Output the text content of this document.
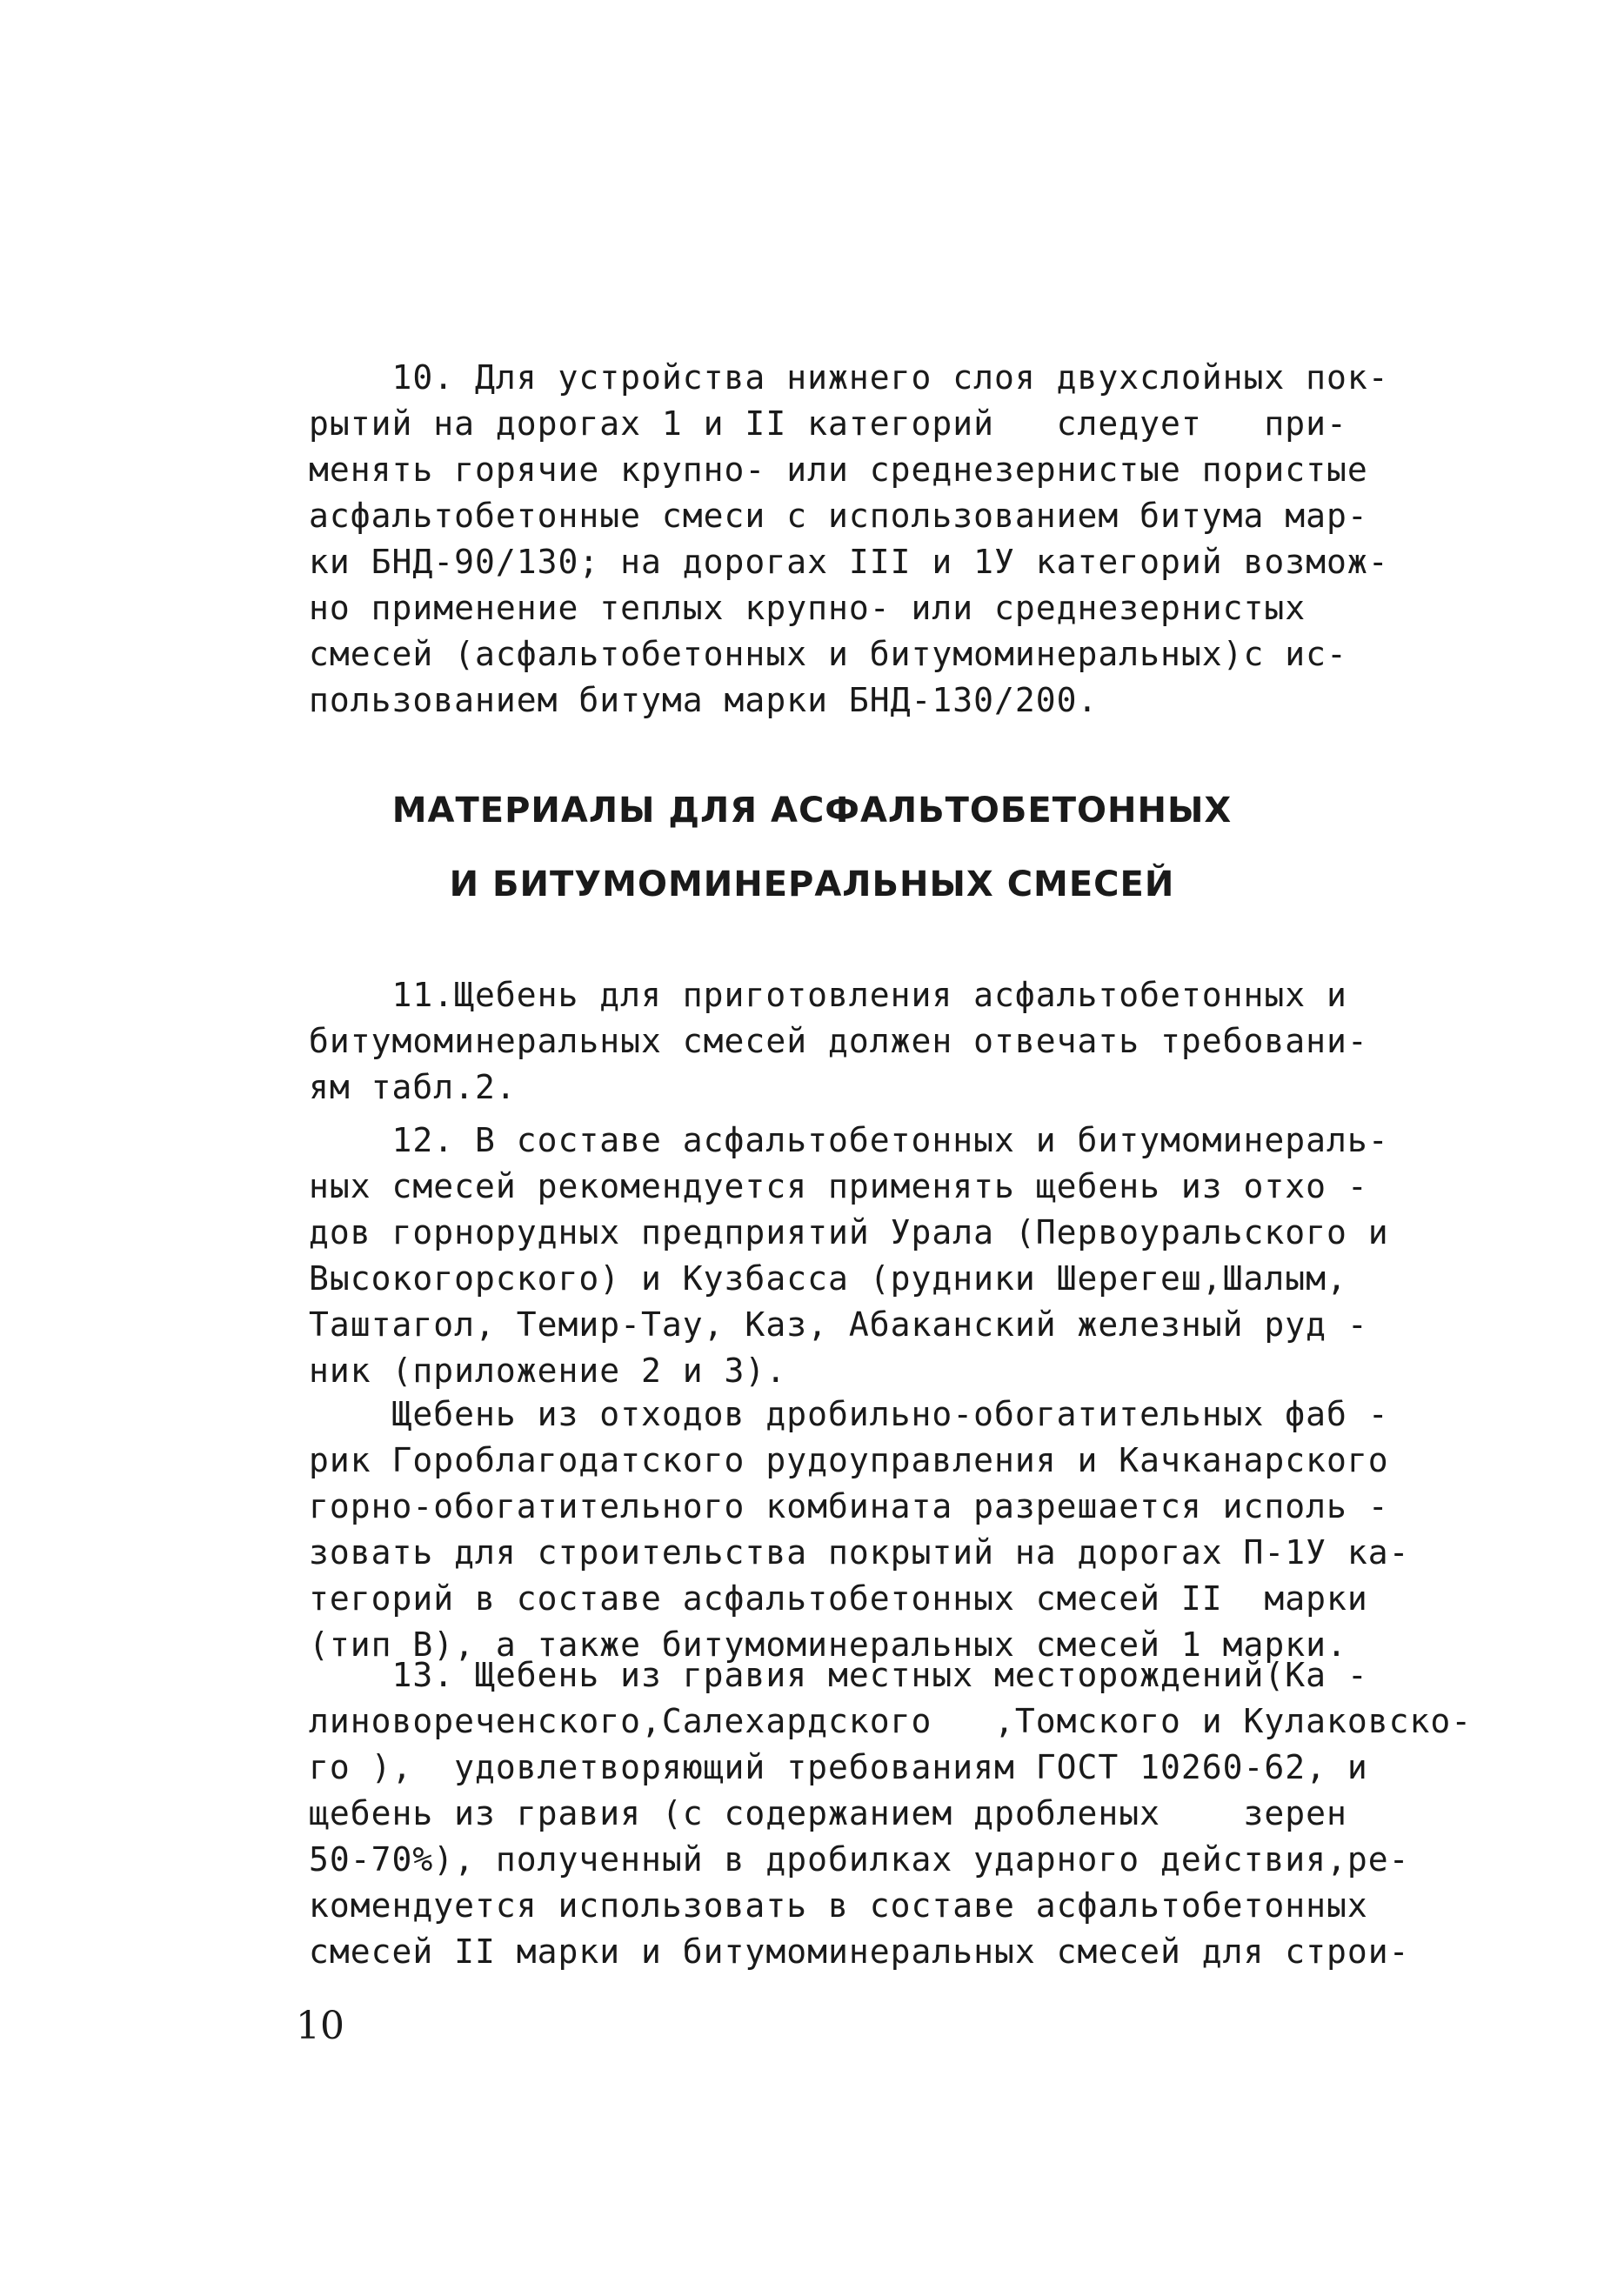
10. Для устройства нижнего слоя двухслойных пок-
рытий на дорогах 1 и II категорий   следует   при-
менять горячие крупно- или среднезернистые пористые
асфальтобетонные смеси с использованием битума мар-
ки БНД-90/130; на дорогах III и 1У категорий возмож-
но применение теплых крупно- или среднезернистых
смесей (асфальтобетонных и битумоминеральных)с ис-
пользованием битума марки БНД-130/200.
МАТЕРИАЛЫ ДЛЯ АСФАЛЬТОБЕТОННЫХ
И БИТУМОМИНЕРАЛЬНЫХ СМЕСЕЙ
11.Щебень для приготовления асфальтобетонных и
битумоминеральных смесей должен отвечать требовани-
ям табл.2.
12. В составе асфальтобетонных и битумоминераль-
ных смесей рекомендуется применять щебень из отхо -
дов горнорудных предприятий Урала (Первоуральского и
Высокогорского) и Кузбасса (рудники Шерегеш,Шалым,
Таштагол, Темир-Тау, Каз, Абаканский железный руд -
ник (приложение 2 и 3).
Щебень из отходов дробильно-обогатительных фаб -
рик Гороблагодатского рудоуправления и Качканарского
горно-обогатительного комбината разрешается исполь -
зовать для строительства покрытий на дорогах П-1У ка-
тегорий в составе асфальтобетонных смесей II  марки
(тип В), а также битумоминеральных смесей 1 марки.
13. Щебень из гравия местных месторождений(Ка -
линовореченского,Салехардского   ,Томского и Кулаковско-
го ),  удовлетворяющий требованиям ГОСТ 10260-62, и
щебень из гравия (с содержанием дробленых    зерен
50-70%), полученный в дробилках ударного действия,ре-
комендуется использовать в составе асфальтобетонных
смесей II марки и битумоминеральных смесей для строи-
10
